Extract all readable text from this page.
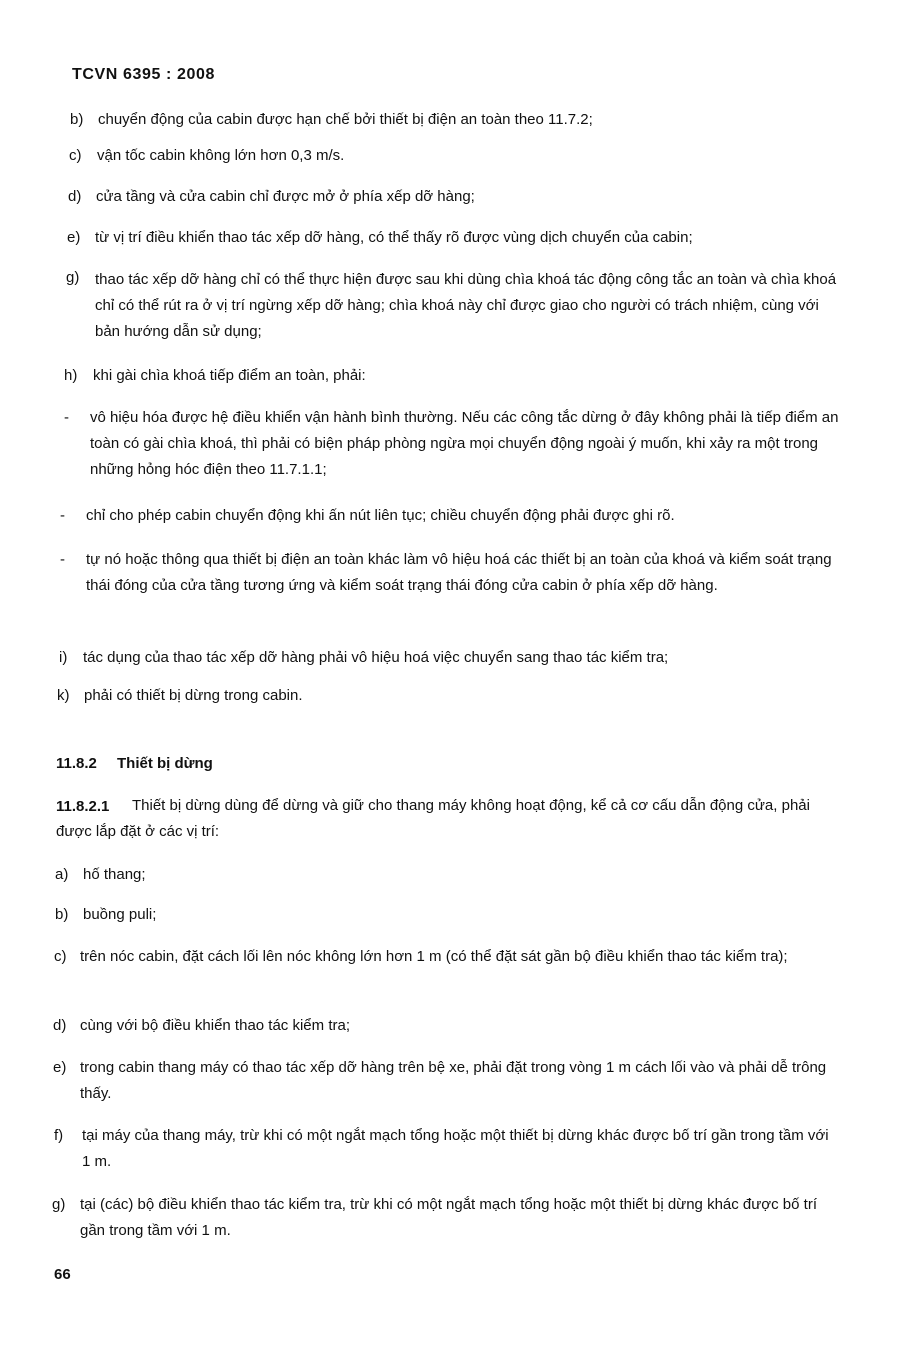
TCVN 6395 : 2008
b) chuyển động của cabin được hạn chế bởi thiết bị điện an toàn theo 11.7.2;
c) vận tốc cabin không lớn hơn 0,3 m/s.
d) cửa tầng và cửa cabin chỉ được mở ở phía xếp dỡ hàng;
e) từ vị trí điều khiển thao tác xếp dỡ hàng, có thể thấy rõ được vùng dịch chuyển của cabin;
g) thao tác xếp dỡ hàng chỉ có thể thực hiện được sau khi dùng chìa khoá tác động công tắc an toàn và chìa khoá chỉ có thể rút ra ở vị trí ngừng xếp dỡ hàng; chìa khoá này chỉ được giao cho người có trách nhiệm, cùng với bản hướng dẫn sử dụng;
h) khi gài chìa khoá tiếp điểm an toàn, phải:
- vô hiệu hóa được hệ điều khiển vận hành bình thường. Nếu các công tắc dừng ở đây không phải là tiếp điểm an toàn có gài chìa khoá, thì phải có biện pháp phòng ngừa mọi chuyển động ngoài ý muốn, khi xảy ra một trong những hỏng hóc điện theo 11.7.1.1;
- chỉ cho phép cabin chuyển động khi ấn nút liên tục; chiều chuyển động phải được ghi rõ.
- tự nó hoặc thông qua thiết bị điện an toàn khác làm vô hiệu hoá các thiết bị an toàn của khoá và kiểm soát trạng thái đóng của cửa tầng tương ứng và kiểm soát trạng thái đóng cửa cabin ở phía xếp dỡ hàng.
i) tác dụng của thao tác xếp dỡ hàng phải vô hiệu hoá việc chuyển sang thao tác kiểm tra;
k) phải có thiết bị dừng trong cabin.
11.8.2 Thiết bị dừng
11.8.2.1	Thiết bị dừng dùng để dừng và giữ cho thang máy không hoạt động, kể cả cơ cấu dẫn động cửa, phải được lắp đặt ở các vị trí:
a) hố thang;
b) buồng puli;
c) trên nóc cabin, đặt cách lối lên nóc không lớn hơn 1 m (có thể đặt sát gần bộ điều khiển thao tác kiểm tra);
d) cùng với bộ điều khiển thao tác kiểm tra;
e) trong cabin thang máy có thao tác xếp dỡ hàng trên bệ xe, phải đặt trong vòng 1 m cách lối vào và phải dễ trông thấy.
f) tại máy của thang máy, trừ khi có một ngắt mạch tổng hoặc một thiết bị dừng khác được bố trí gần trong tầm với 1 m.
g) tại (các) bộ điều khiển thao tác kiểm tra, trừ khi có một ngắt mạch tổng hoặc một thiết bị dừng khác được bố trí gần trong tầm với 1 m.
66
